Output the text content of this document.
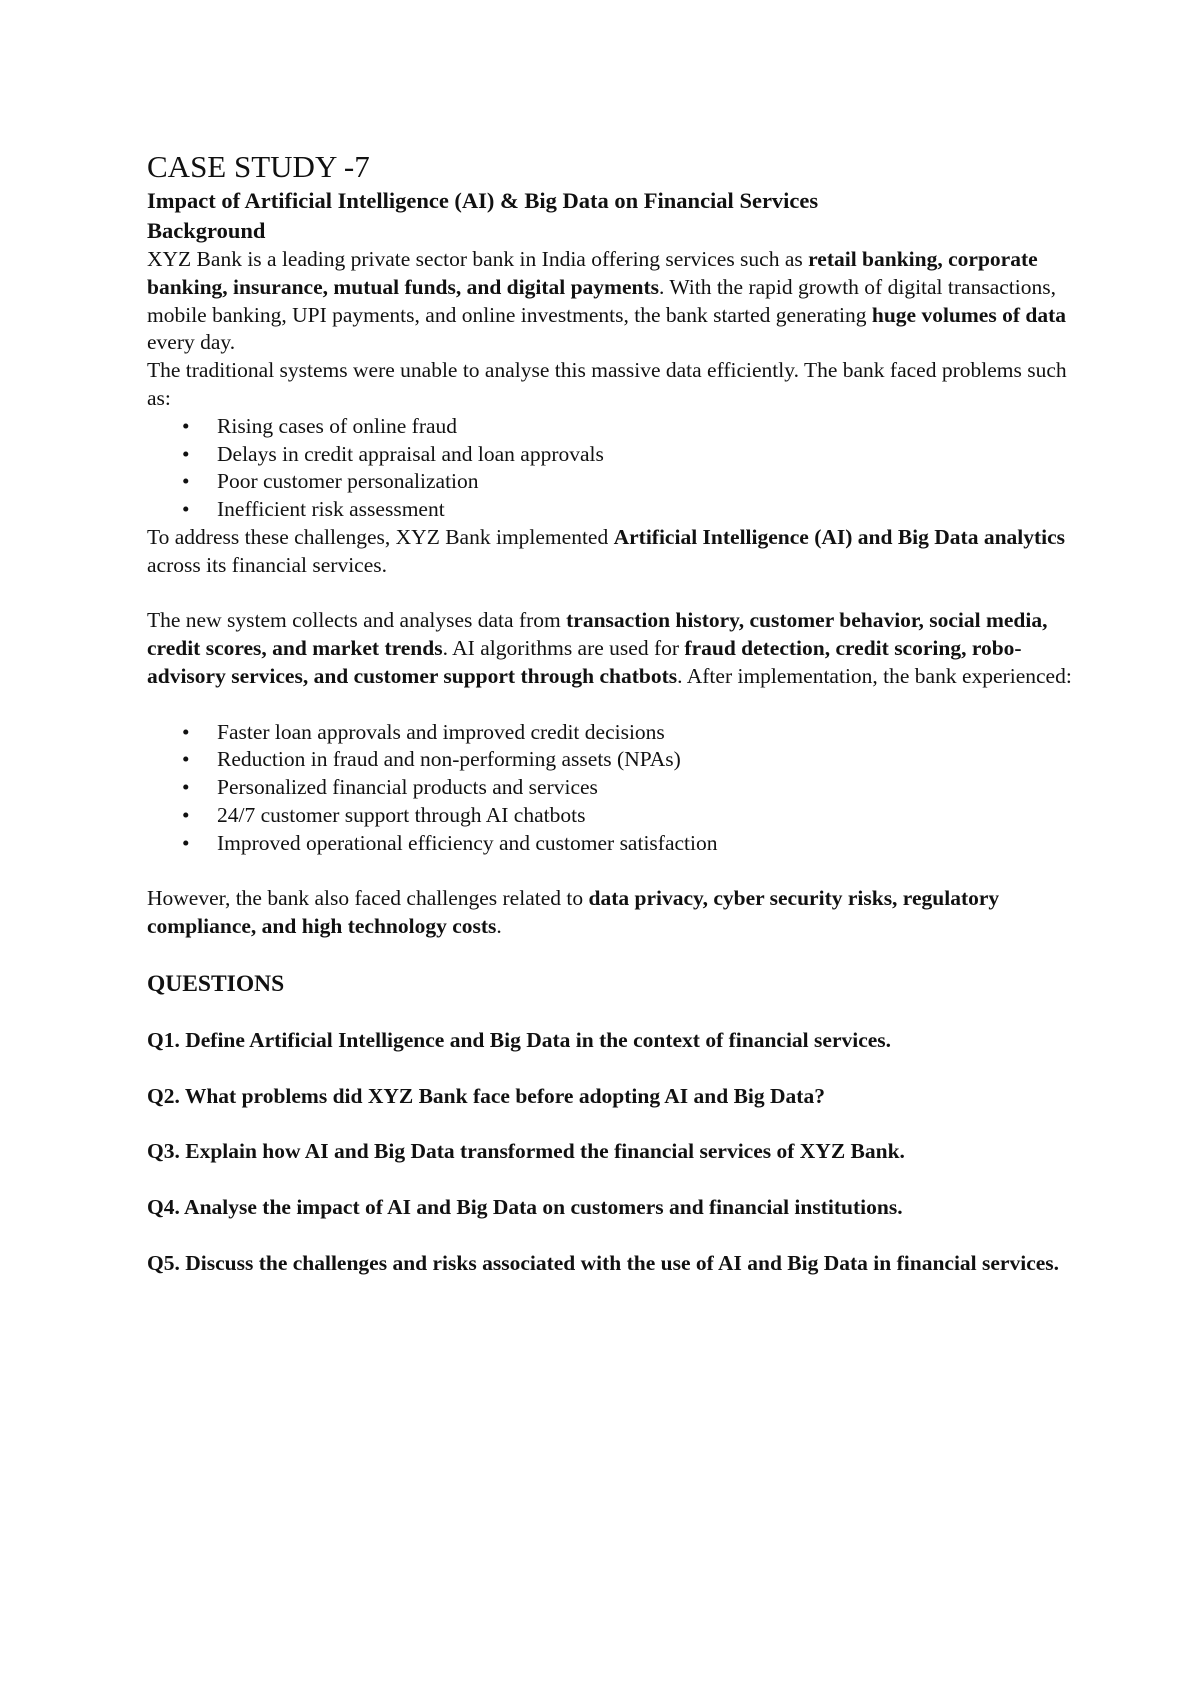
CASE STUDY -7
Impact of Artificial Intelligence (AI) & Big Data on Financial Services
Background

XYZ Bank is a leading private sector bank in India offering services such as retail banking, corporate banking, insurance, mutual funds, and digital payments. With the rapid growth of digital transactions, mobile banking, UPI payments, and online investments, the bank started generating huge volumes of data every day.

The traditional systems were unable to analyse this massive data efficiently. The bank faced problems such as:

• Rising cases of online fraud
• Delays in credit appraisal and loan approvals
• Poor customer personalization
• Inefficient risk assessment

To address these challenges, XYZ Bank implemented Artificial Intelligence (AI) and Big Data analytics across its financial services.

The new system collects and analyses data from transaction history, customer behavior, social media, credit scores, and market trends. AI algorithms are used for fraud detection, credit scoring, robo-advisory services, and customer support through chatbots. After implementation, the bank experienced:

• Faster loan approvals and improved credit decisions
• Reduction in fraud and non-performing assets (NPAs)
• Personalized financial products and services
• 24/7 customer support through AI chatbots
• Improved operational efficiency and customer satisfaction

However, the bank also faced challenges related to data privacy, cyber security risks, regulatory compliance, and high technology costs.

QUESTIONS

Q1. Define Artificial Intelligence and Big Data in the context of financial services.

Q2. What problems did XYZ Bank face before adopting AI and Big Data?

Q3. Explain how AI and Big Data transformed the financial services of XYZ Bank.

Q4. Analyse the impact of AI and Big Data on customers and financial institutions.

Q5. Discuss the challenges and risks associated with the use of AI and Big Data in financial services.
